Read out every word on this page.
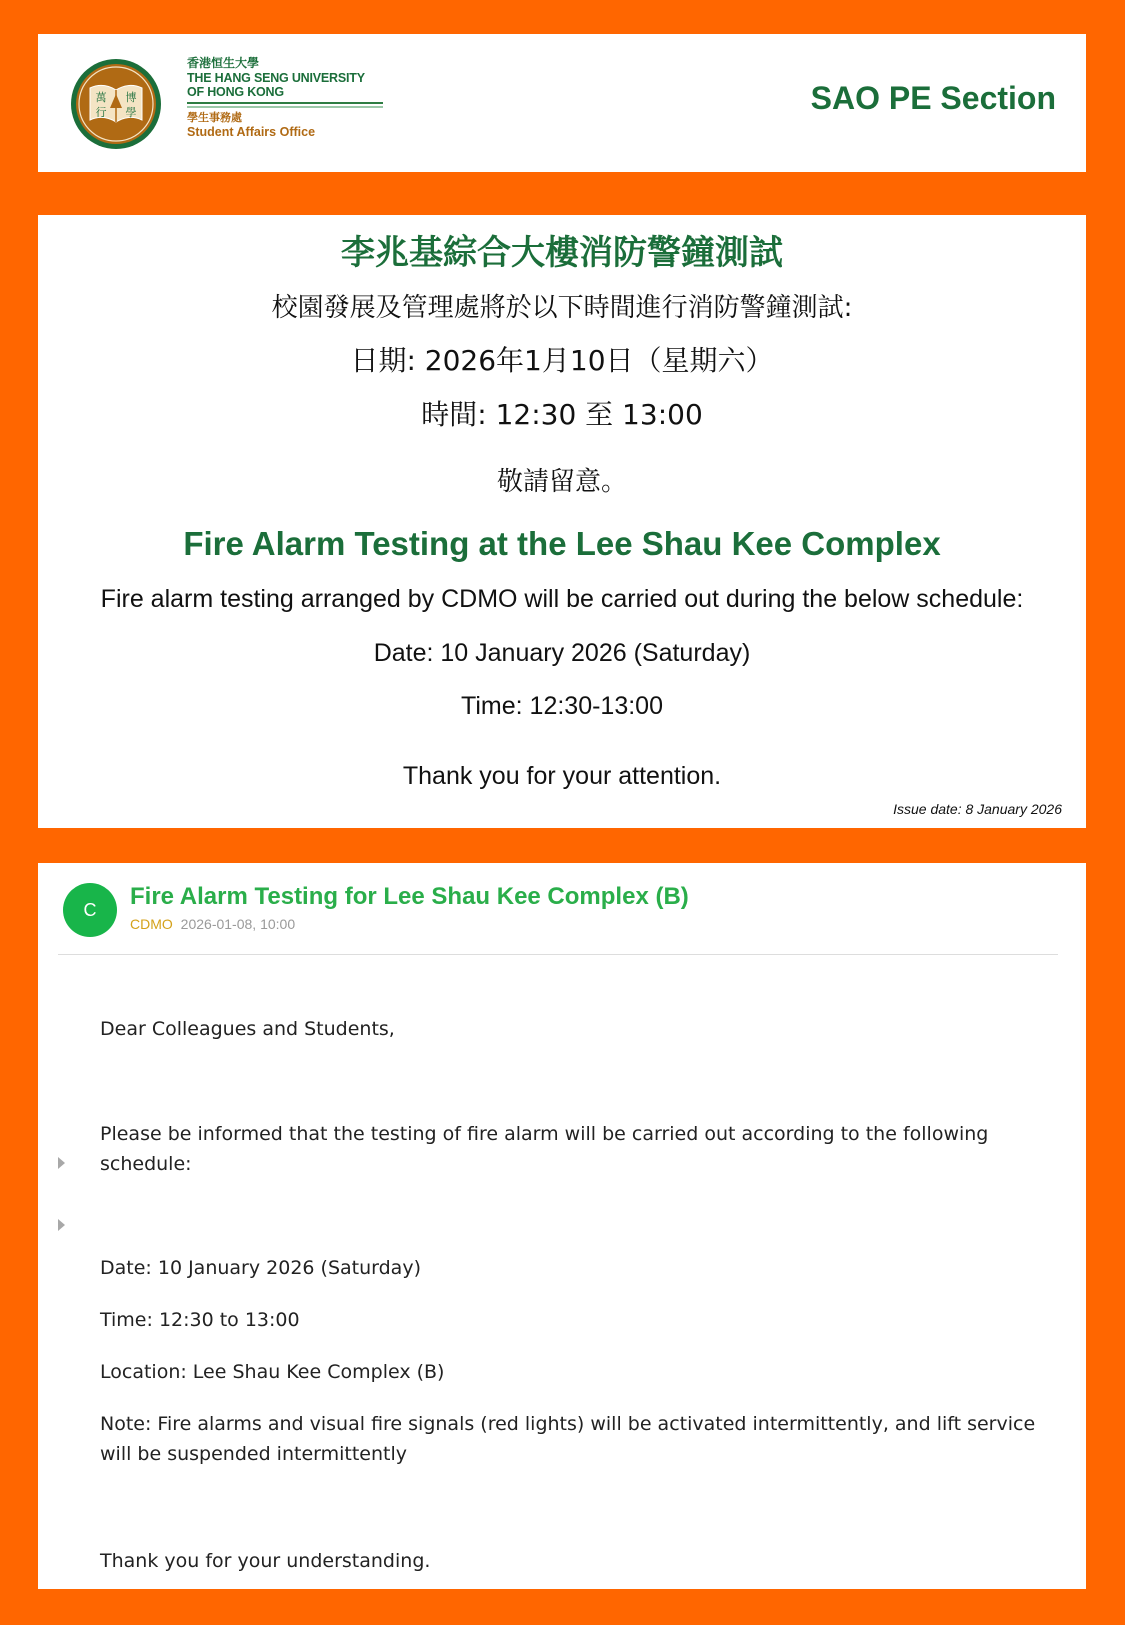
萬 博
行 學
香港恒生大學
THE HANG SENG UNIVERSITY
OF HONG KONG
學生事務處
Student Affairs Office
SAO PE Section
李兆基綜合大樓消防警鐘測試
校園發展及管理處將於以下時間進行消防警鐘測試:
日期: 2026年1月10日（星期六）
時間: 12:30 至 13:00
敬請留意。
Fire Alarm Testing at the Lee Shau Kee Complex
Fire alarm testing arranged by CDMO will be carried out during the below schedule:
Date: 10 January 2026 (Saturday)
Time: 12:30-13:00
Thank you for your attention.
Issue date: 8 January 2026
C	Fire Alarm Testing for Lee Shau Kee Complex (B)
CDMO 2026-01-08, 10:00
Dear Colleagues and Students,
Please be informed that the testing of fire alarm will be carried out according to the following schedule:
Date: 10 January 2026 (Saturday)
Time: 12:30 to 13:00
Location: Lee Shau Kee Complex (B)
Note: Fire alarms and visual fire signals (red lights) will be activated intermittently, and lift service will be suspended intermittently
Thank you for your understanding.
